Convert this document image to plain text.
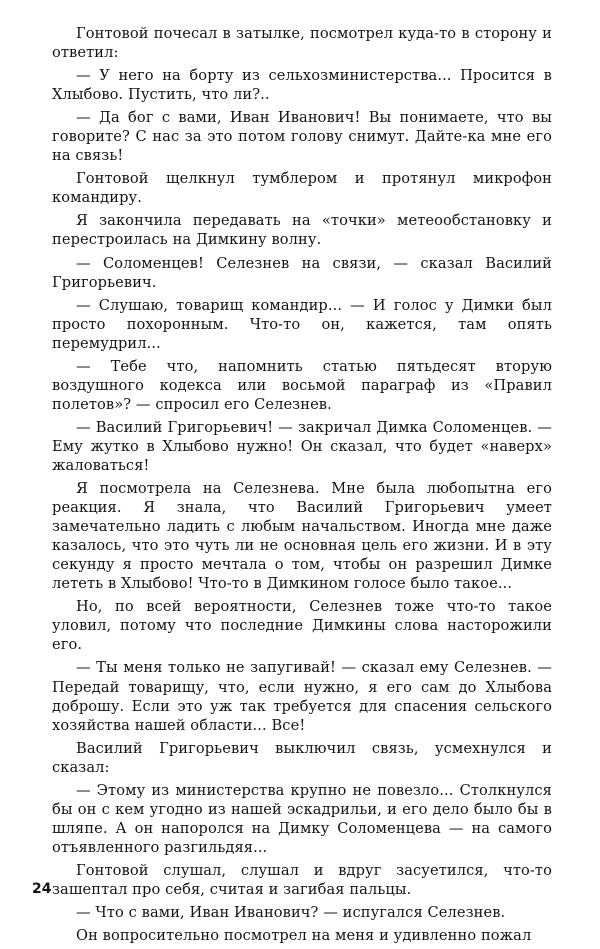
Гонтовой почесал в затылке, посмотрел куда-то в сторону и ответил:

— У него на борту из сельхозминистерства... Просится в Хлыбово. Пустить, что ли?..

— Да бог с вами, Иван Иванович! Вы понимаете, что вы говорите? С нас за это потом голову снимут. Дайте-ка мне его на связь!

Гонтовой щелкнул тумблером и протянул микрофон командиру.

Я закончила передавать на «точки» метеообстановку и перестроилась на Димкину волну.

— Соломенцев! Селезнев на связи, — сказал Василий Григорьевич.

— Слушаю, товарищ командир... — И голос у Димки был просто похоронным. Что-то он, кажется, там опять перемудрил...

— Тебе что, напомнить статью пятьдесят вторую воздушного кодекса или восьмой параграф из «Правил полетов»? — спросил его Селезнев.

— Василий Григорьевич! — закричал Димка Соломенцев. — Ему жутко в Хлыбово нужно! Он сказал, что будет «наверх» жаловаться!

Я посмотрела на Селезнева. Мне была любопытна его реакция. Я знала, что Василий Григорьевич умеет замечательно ладить с любым начальством. Иногда мне даже казалось, что это чуть ли не основная цель его жизни. И в эту секунду я просто мечтала о том, чтобы он разрешил Димке лететь в Хлыбово! Что-то в Димкином голосе было такое...

Но, по всей вероятности, Селезнев тоже что-то такое уловил, потому что последние Димкины слова насторожили его.

— Ты меня только не запугивай! — сказал ему Селезнев. — Передай товарищу, что, если нужно, я его сам до Хлыбова доброшу. Если это уж так требуется для спасения сельского хозяйства нашей области... Все!

Василий Григорьевич выключил связь, усмехнулся и сказал:

— Этому из министерства крупно не повезло... Столкнулся бы он с кем угодно из нашей эскадрильи, и его дело было бы в шляпе. А он напоролся на Димку Соломенцева — на самого отъявленного разгильдяя...

Гонтовой слушал, слушал и вдруг засуетился, что-то зашептал про себя, считая и загибая пальцы.

— Что с вами, Иван Иванович? — испугался Селезнев.

Он вопросительно посмотрел на меня и удивленно пожал

24
